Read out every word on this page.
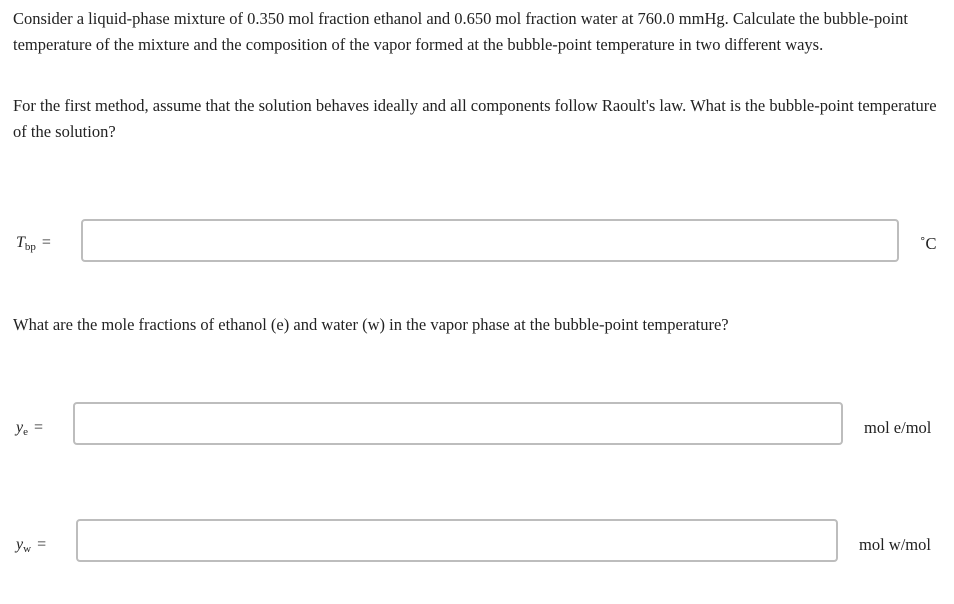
Consider a liquid-phase mixture of 0.350 mol fraction ethanol and 0.650 mol fraction water at 760.0 mmHg. Calculate the bubble-point temperature of the mixture and the composition of the vapor formed at the bubble-point temperature in two different ways.

For the first method, assume that the solution behaves ideally and all components follow Raoult's law. What is the bubble-point temperature of the solution?

$T_{bp}$ =	˚C

What are the mole fractions of ethanol (e) and water (w) in the vapor phase at the bubble-point temperature?

$y_e$ =	mol e/mol
$y_w$ =	mol w/mol
